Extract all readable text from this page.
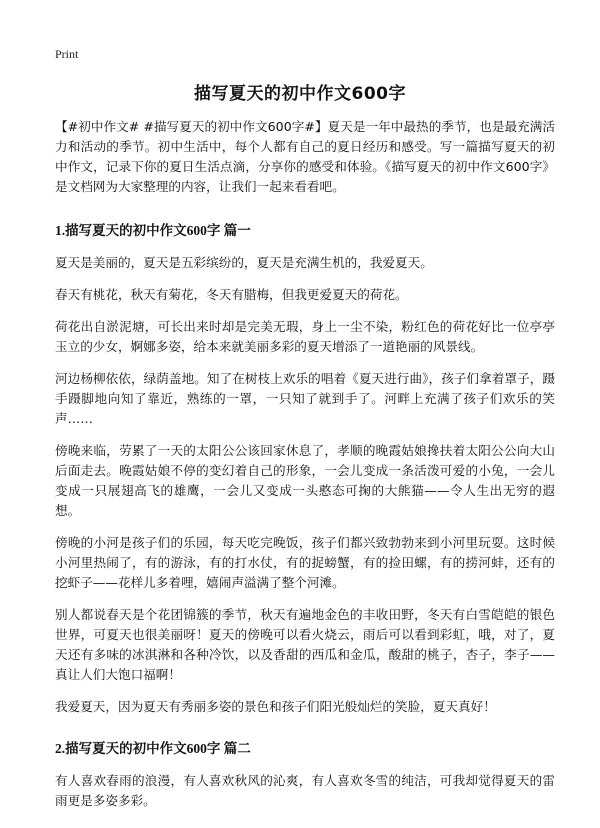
Print
描写夏天的初中作文600字

【#初中作文# #描写夏天的初中作文600字#】夏天是一年中最热的季节，也是最充满活力和活动的季节。初中生活中，每个人都有自己的夏日经历和感受。写一篇描写夏天的初中作文，记录下你的夏日生活点滴，分享你的感受和体验。《描写夏天的初中作文600字》是文档网为大家整理的内容，让我们一起来看看吧。

1.描写夏天的初中作文600字 篇一

夏天是美丽的，夏天是五彩缤纷的，夏天是充满生机的，我爱夏天。

春天有桃花，秋天有菊花，冬天有腊梅，但我更爱夏天的荷花。

荷花出自淤泥塘，可长出来时却是完美无瑕，身上一尘不染，粉红色的荷花好比一位亭亭玉立的少女，婀娜多姿，给本来就美丽多彩的夏天增添了一道艳丽的风景线。

河边杨柳依依，绿荫盖地。知了在树枝上欢乐的唱着《夏天进行曲》，孩子们拿着罩子，蹑手蹑脚地向知了靠近，熟练的一罩，一只知了就到手了。河畔上充满了孩子们欢乐的笑声……

傍晚来临，劳累了一天的太阳公公该回家休息了，孝顺的晚霞姑娘搀扶着太阳公公向大山后面走去。晚霞姑娘不停的变幻着自己的形象，一会儿变成一条活泼可爱的小兔，一会儿变成一只展翅高飞的雄鹰，一会儿又变成一头憨态可掬的大熊猫——令人生出无穷的遐想。

傍晚的小河是孩子们的乐园，每天吃完晚饭，孩子们都兴致勃勃来到小河里玩耍。这时候小河里热闹了，有的游泳，有的打水仗，有的捉螃蟹，有的捡田螺，有的捞河蚌，还有的挖虾子——花样儿多着哩，嬉闹声溢满了整个河滩。

别人都说春天是个花团锦簇的季节，秋天有遍地金色的丰收田野，冬天有白雪皑皑的银色世界，可夏天也很美丽呀！夏天的傍晚可以看火烧云，雨后可以看到彩虹，哦，对了，夏天还有多味的冰淇淋和各种冷饮，以及香甜的西瓜和金瓜，酸甜的桃子，杏子，李子——真让人们大饱口福啊！

我爱夏天，因为夏天有秀丽多姿的景色和孩子们阳光般灿烂的笑脸，夏天真好！

2.描写夏天的初中作文600字 篇二

有人喜欢春雨的浪漫，有人喜欢秋风的沁爽，有人喜欢冬雪的纯洁，可我却觉得夏天的雷雨更是多姿多彩。
